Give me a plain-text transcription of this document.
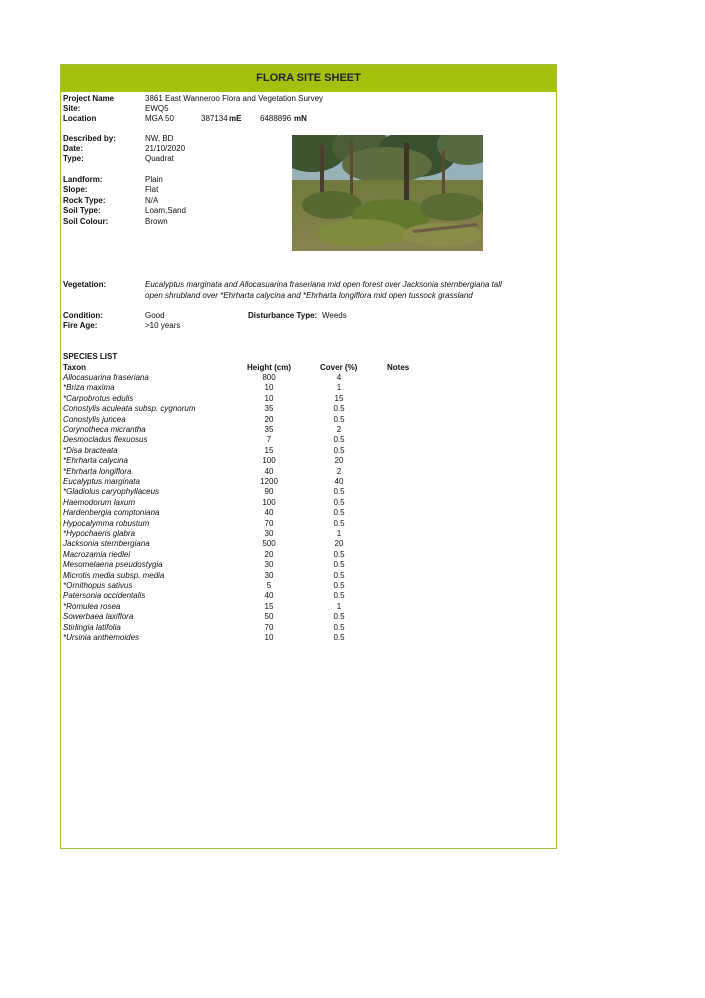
FLORA SITE SHEET
Project Name	3861 East Wanneroo Flora and Vegetation Survey
Site:	EWQ5
Location	MGA 50	387134 mE 6488896 mN
Described by:	NW, BD
Date:	21/10/2020
Type:	Quadrat
Landform:	Plain
Slope:	Flat
Rock Type:	N/A
Soil Type:	Loam,Sand
Soil Colour:	Brown
Vegetation:	Eucalyptus marginata and Allocasuarina fraseriana mid open forest over Jacksonia sternbergiana tall open shrubland over *Ehrharta calycina and *Ehrharta longiflora mid open tussock grassland
Condition:	Good	Disturbance Type: Weeds
Fire Age:	>10 years
SPECIES LIST
Taxon	Height (cm)	Cover (%)	Notes
Allocasuarina fraseriana	800	4
*Briza maxima	10	1
*Carpobrotus edulis	10	15
Conostylis aculeata subsp. cygnorum	35	0.5
Conostylis juncea	20	0.5
Corynotheca micrantha	35	2
Desmocladus flexuosus	7	0.5
*Disa bracteata	15	0.5
*Ehrharta calycina	100	20
*Ehrharta longiflora	40	2
Eucalyptus marginata	1200	40
*Gladiolus caryophyllaceus	90	0.5
Haemodorum laxum	100	0.5
Hardenbergia comptoniana	40	0.5
Hypocalymma robustum	70	0.5
*Hypochaeris glabra	30	1
Jacksonia sternbergiana	500	20
Macrozamia riedlei	20	0.5
Mesomelaena pseudostygia	30	0.5
Microtis media subsp. media	30	0.5
*Ornithopus sativus	5	0.5
Patersonia occidentalis	40	0.5
*Romulea rosea	15	1
Sowerbaea laxiflora	50	0.5
Stirlingia latifolia	70	0.5
*Ursinia anthemoides	10	0.5
